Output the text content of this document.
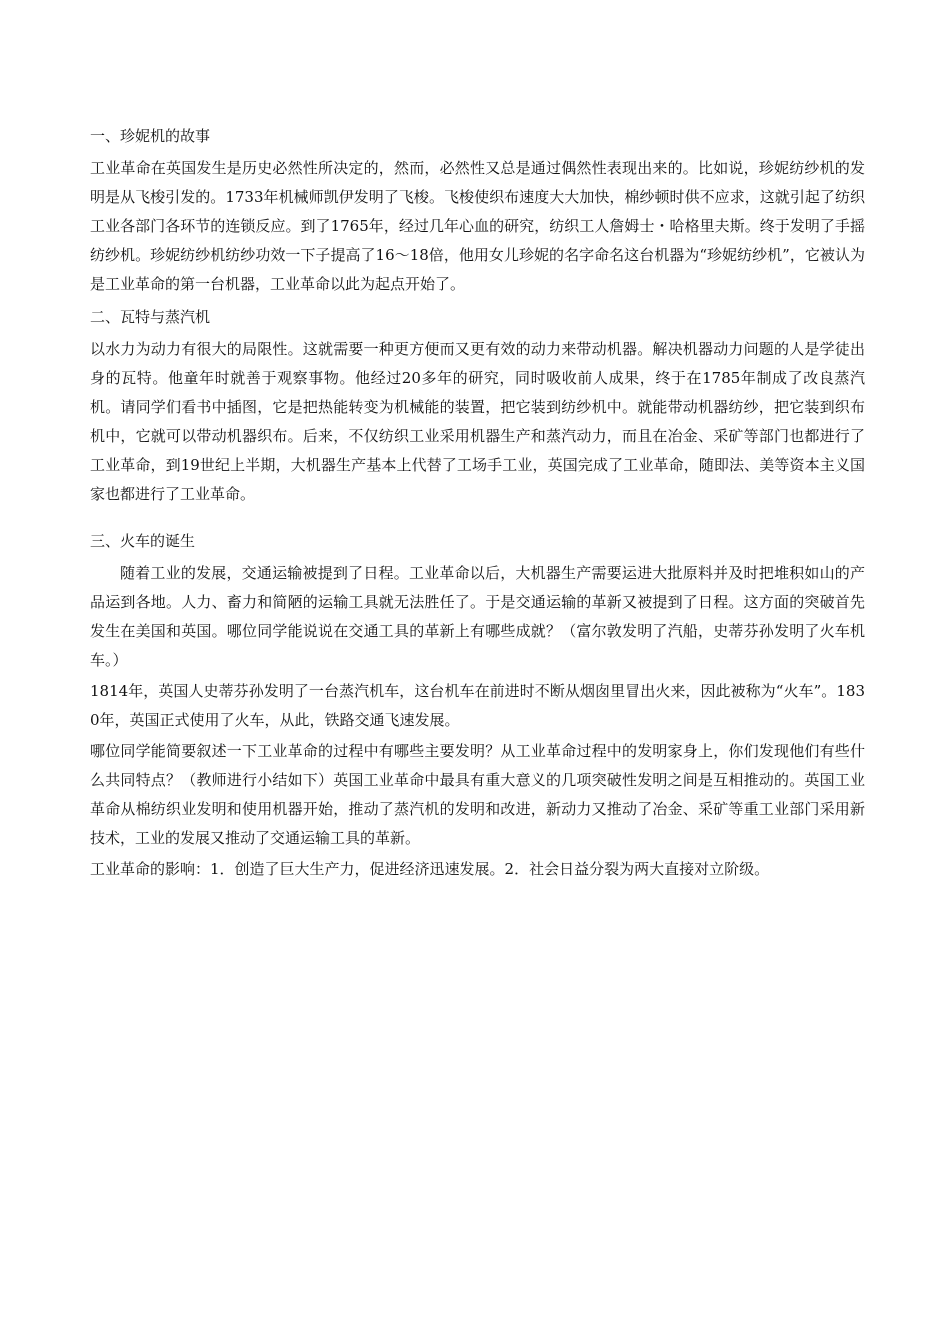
一、珍妮机的故事

工业革命在英国发生是历史必然性所决定的，然而，必然性又总是通过偶然性表现出来的。比如说，珍妮纺纱机的发明是从飞梭引发的。1733年机械师凯伊发明了飞梭。飞梭使织布速度大大加快，棉纱顿时供不应求，这就引起了纺织工业各部门各环节的连锁反应。到了1765年，经过几年心血的研究，纺织工人詹姆士・哈格里夫斯。终于发明了手摇纺纱机。珍妮纺纱机纺纱功效一下子提高了16～18倍，他用女儿珍妮的名字命名这台机器为“珍妮纺纱机”，它被认为是工业革命的第一台机器，工业革命以此为起点开始了。

二、瓦特与蒸汽机

以水力为动力有很大的局限性。这就需要一种更方便而又更有效的动力来带动机器。解决机器动力问题的人是学徒出身的瓦特。他童年时就善于观察事物。他经过20多年的研究，同时吸收前人成果，终于在1785年制成了改良蒸汽机。请同学们看书中插图，它是把热能转变为机械能的装置，把它装到纺纱机中。就能带动机器纺纱，把它装到织布机中，它就可以带动机器织布。后来，不仅纺织工业采用机器生产和蒸汽动力，而且在冶金、采矿等部门也都进行了工业革命，到19世纪上半期，大机器生产基本上代替了工场手工业，英国完成了工业革命，随即法、美等资本主义国家也都进行了工业革命。

三、火车的诞生

随着工业的发展，交通运输被提到了日程。工业革命以后，大机器生产需要运进大批原料并及时把堆积如山的产品运到各地。人力、畜力和简陋的运输工具就无法胜任了。于是交通运输的革新又被提到了日程。这方面的突破首先发生在美国和英国。哪位同学能说说在交通工具的革新上有哪些成就？（富尔敦发明了汽船，史蒂芬孙发明了火车机车。）

1814年，英国人史蒂芬孙发明了一台蒸汽机车，这台机车在前进时不断从烟囱里冒出火来，因此被称为“火车”。1830年，英国正式使用了火车，从此，铁路交通飞速发展。

哪位同学能简要叙述一下工业革命的过程中有哪些主要发明？从工业革命过程中的发明家身上，你们发现他们有些什么共同特点？（教师进行小结如下）英国工业革命中最具有重大意义的几项突破性发明之间是互相推动的。英国工业革命从棉纺织业发明和使用机器开始，推动了蒸汽机的发明和改进，新动力又推动了冶金、采矿等重工业部门采用新技术，工业的发展又推动了交通运输工具的革新。

工业革命的影响：1．创造了巨大生产力，促进经济迅速发展。2．社会日益分裂为两大直接对立阶级。
